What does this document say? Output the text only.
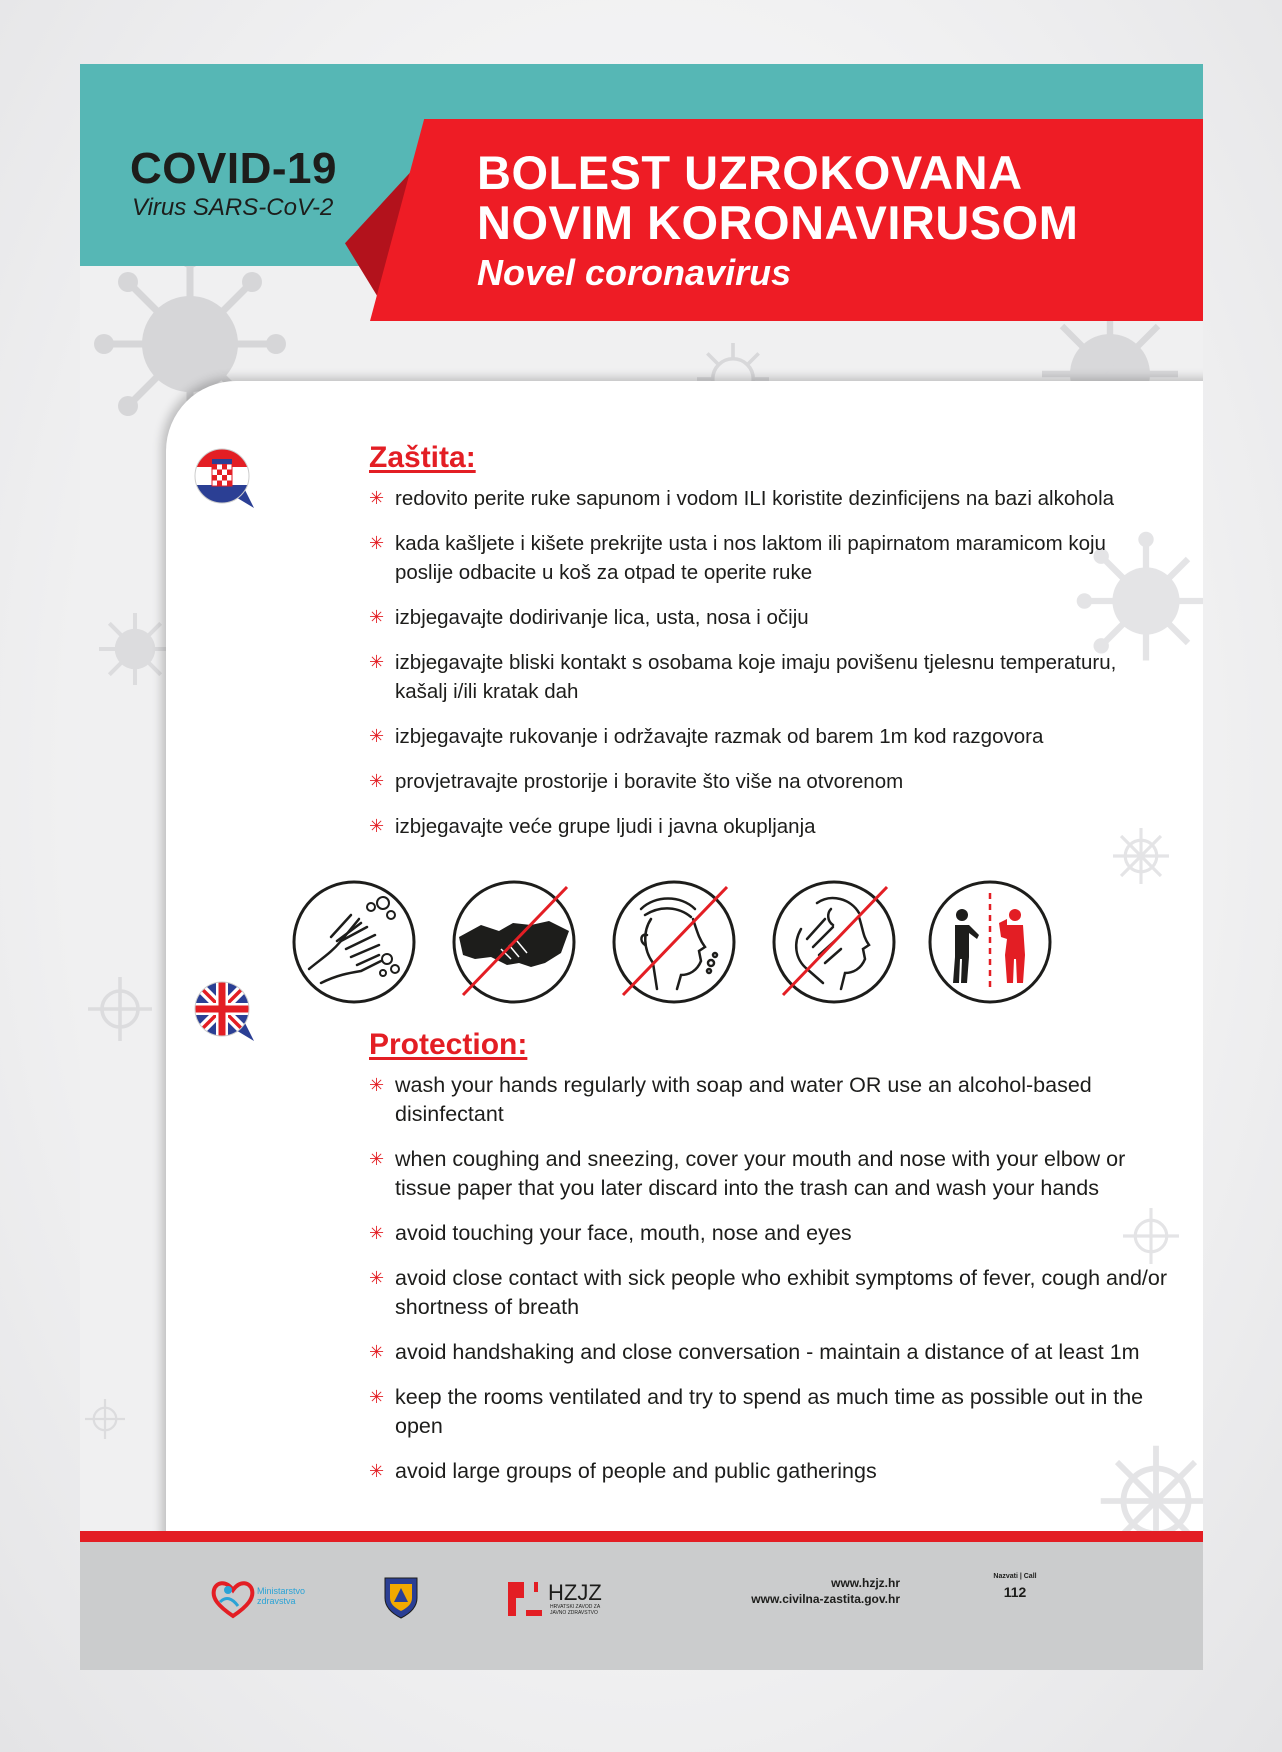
COVID-19

Virus SARS-CoV-2

BOLEST UZROKOVANA
NOVIM KORONAVIRUSOM

Novel coronavirus

Zaštita:
✳ redovito perite ruke sapunom i vodom ILI koristite dezinficijens na bazi alkohola
✳ kada kašljete i kišete prekrijte usta i nos laktom ili papirnatom maramicom koju poslije odbacite u koš za otpad te operite ruke
✳ izbjegavajte dodirivanje lica, usta, nosa i očiju
✳ izbjegavajte bliski kontakt s osobama koje imaju povišenu tjelesnu temperaturu, kašalj i/ili kratak dah
✳ izbjegavajte rukovanje i održavajte razmak od barem 1m kod razgovora
✳ provjetravajte prostorije i boravite što više na otvorenom
✳ izbjegavajte veće grupe ljudi i javna okupljanja
Protection:
✳ wash your hands regularly with soap and water OR use an alcohol-based disinfectant
✳ when coughing and sneezing, cover your mouth and nose with your elbow or tissue paper that you later discard into the trash can and wash your hands
✳ avoid touching your face, mouth, nose and eyes
✳ avoid close contact with sick people who exhibit symptoms of fever, cough and/or shortness of breath
✳ avoid handshaking and close conversation - maintain a distance of at least 1m
✳ keep the rooms ventilated and try to spend as much time as possible out in the open
✳ avoid large groups of people and public gatherings
Ministarstvo zdravstva	HZJZ
HRVATSKI ZAVOD ZA JAVNO ZDRAVSTVO
www.hzjz.hr
www.civilna-zastita.gov.hr
Nazvati | Call
112
